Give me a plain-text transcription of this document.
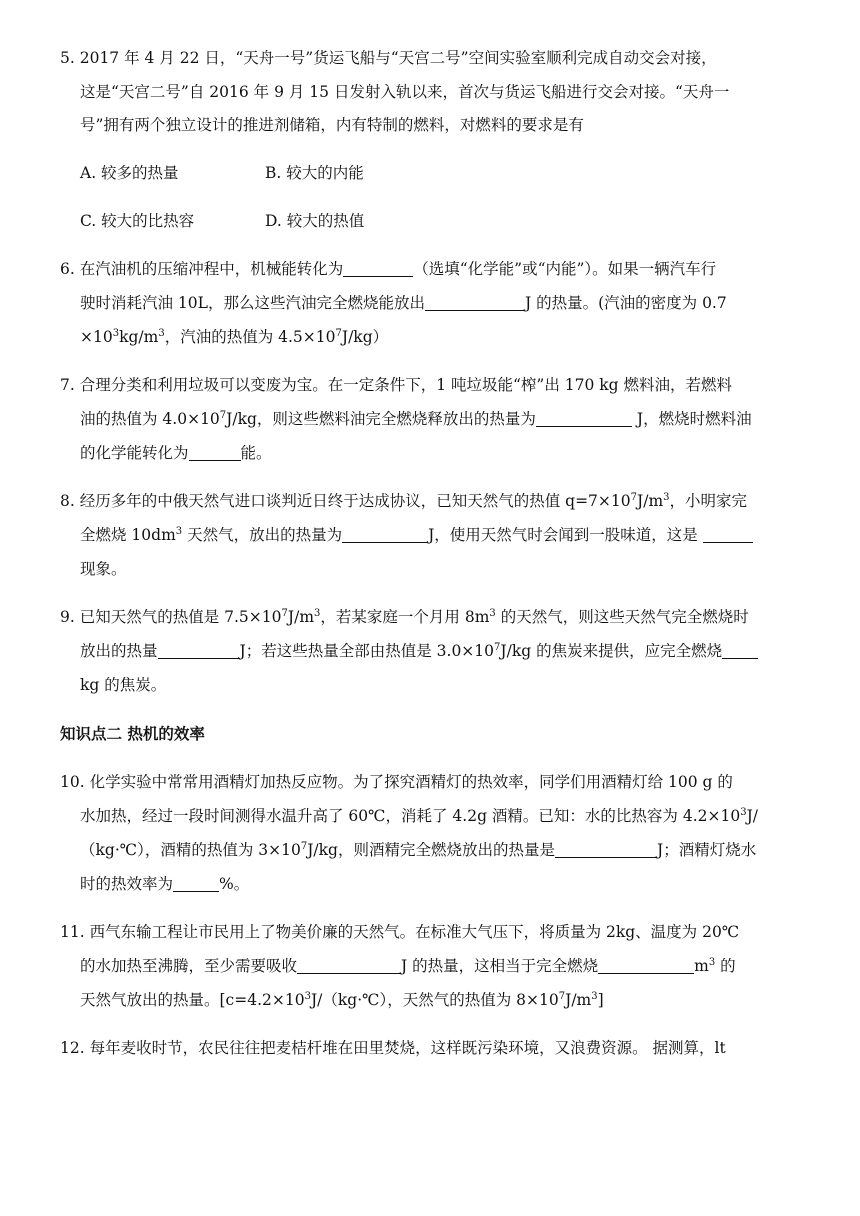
5. 2017 年 4 月 22 日，“天舟一号”货运飞船与“天宫二号”空间实验室顺利完成自动交会对接，
这是“天宫二号”自 2016 年 9 月 15 日发射入轨以来，首次与货运飞船进行交会对接。“天舟一
号”拥有两个独立设计的推进剂储箱，内有特制的燃料，对燃料的要求是有
A. 较多的热量	B. 较大的内能
C. 较大的比热容	D. 较大的热值
6. 在汽油机的压缩冲程中，机械能转化为	（选填“化学能”或“内能”）。如果一辆汽车行
驶时消耗汽油 10L，那么这些汽油完全燃烧能放出	J 的热量。(汽油的密度为 0.7
$\times 10^3kg/m^3$，汽油的热值为 $4.5\times 10^7J/kg$）
7. 合理分类和利用垃圾可以变废为宝。在一定条件下，1 吨垃圾能“榨”出 170 kg 燃料油，若燃料
油的热值为 $4.0\times 10^7J/kg$，则这些燃料油完全燃烧释放出的热量为	J，燃烧时燃料油
的化学能转化为	能。
8. 经历多年的中俄天然气进口谈判近日终于达成协议，已知天然气的热值 $q=7\times 10^7J/m^3$，小明家完
全燃烧 $10dm^3$ 天然气，放出的热量为	J，使用天然气时会闻到一股味道，这是
现象。
9. 已知天然气的热值是 $7.5\times 10^7J/m^3$，若某家庭一个月用 $8m^3$ 的天然气，则这些天然气完全燃烧时
放出的热量	J；若这些热量全部由热值是 $3.0\times 10^7J/kg$ 的焦炭来提供，应完全燃烧
kg 的焦炭。
知识点二 热机的效率
10. 化学实验中常常用酒精灯加热反应物。为了探究酒精灯的热效率，同学们用酒精灯给 100 g 的
水加热，经过一段时间测得水温升高了 60℃，消耗了 4.2g 酒精。已知：水的比热容为 $4.2\times 10^3J/$
（kg·℃），酒精的热值为 $3\times 10^7J/kg$，则酒精完全燃烧放出的热量是	J；酒精灯烧水
时的热效率为	%。
11. 西气东输工程让市民用上了物美价廉的天然气。在标准大气压下，将质量为 2kg、温度为 20℃
的水加热至沸腾，至少需要吸收	J 的热量，这相当于完全燃烧	$m^3$ 的
天然气放出的热量。[$c=4.2\times 10^3J/(kg\cdot℃)$，天然气的热值为 $8\times 10^7J/m^3$]
12. 每年麦收时节，农民往往把麦桔杆堆在田里焚烧，这样既污染环境，又浪费资源。 据测算，lt
